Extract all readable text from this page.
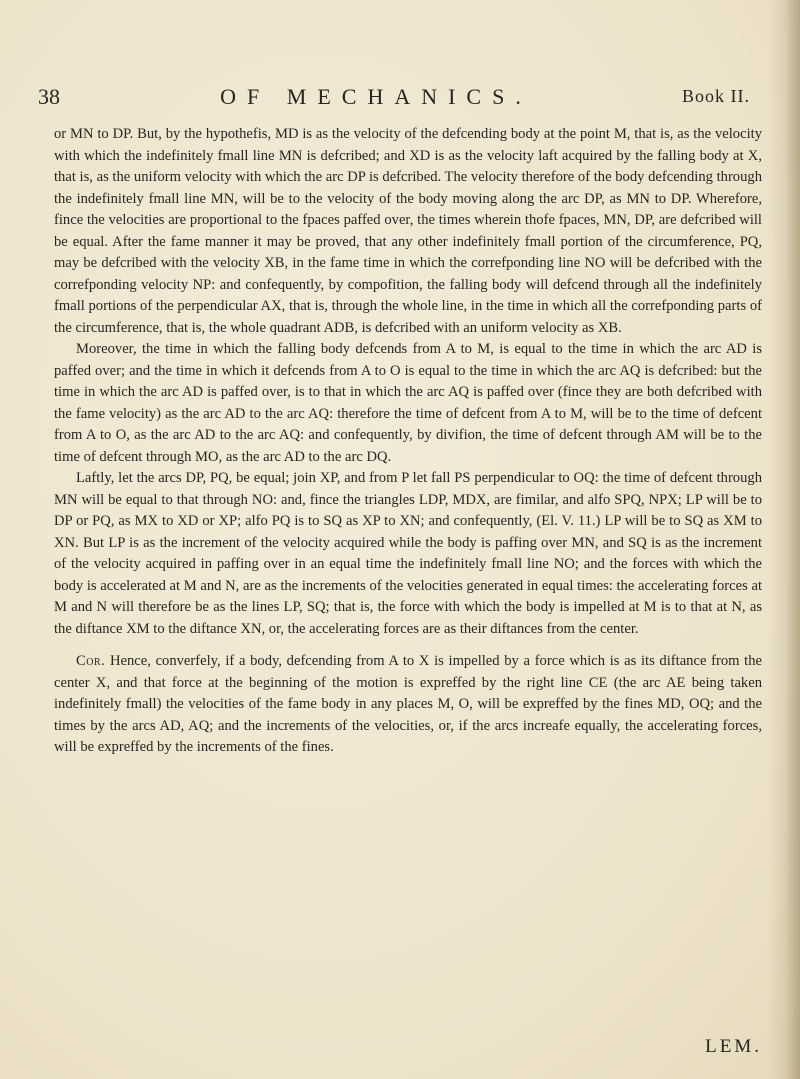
38	OF MECHANICS.	Book II.

or MN to DP. But, by the hypothefis, MD is as the velocity of the defcending body at the point M, that is, as the velocity with which the indefinitely fmall line MN is defcribed; and XD is as the velocity laft acquired by the falling body at X, that is, as the uniform velocity with which the arc DP is defcribed. The velocity therefore of the body defcending through the indefinitely fmall line MN, will be to the velocity of the body moving along the arc DP, as MN to DP. Wherefore, fince the velocities are proportional to the fpaces paffed over, the times wherein thofe fpaces, MN, DP, are defcribed will be equal. After the fame manner it may be proved, that any other indefinitely fmall portion of the circumference, PQ, may be defcribed with the velocity XB, in the fame time in which the correfponding line NO will be defcribed with the correfponding velocity NP: and confequently, by compofition, the falling body will defcend through all the indefinitely fmall portions of the perpendicular AX, that is, through the whole line, in the time in which all the correfponding parts of the circumference, that is, the whole quadrant ADB, is defcribed with an uniform velocity as XB.

Moreover, the time in which the falling body defcends from A to M, is equal to the time in which the arc AD is paffed over; and the time in which it defcends from A to O is equal to the time in which the arc AQ is defcribed: but the time in which the arc AD is paffed over, is to that in which the arc AQ is paffed over (fince they are both defcribed with the fame velocity) as the arc AD to the arc AQ: therefore the time of defcent from A to M, will be to the time of defcent from A to O, as the arc AD to the arc AQ: and confequently, by divifion, the time of defcent through AM will be to the time of defcent through MO, as the arc AD to the arc DQ.

Laftly, let the arcs DP, PQ, be equal; join XP, and from P let fall PS perpendicular to OQ: the time of defcent through MN will be equal to that through NO: and, fince the triangles LDP, MDX, are fimilar, and alfo SPQ, NPX; LP will be to DP or PQ, as MX to XD or XP; alfo PQ is to SQ as XP to XN; and confequently, (El. V. 11.) LP will be to SQ as XM to XN. But LP is as the increment of the velocity acquired while the body is paffing over MN, and SQ is as the increment of the velocity acquired in paffing over in an equal time the indefinitely fmall line NO; and the forces with which the body is accelerated at M and N, are as the increments of the velocities generated in equal times: the accelerating forces at M and N will therefore be as the lines LP, SQ; that is, the force with which the body is impelled at M is to that at N, as the diftance XM to the diftance XN, or, the accelerating forces are as their diftances from the center.

Cor. Hence, converfely, if a body, defcending from A to X is impelled by a force which is as its diftance from the center X, and that force at the beginning of the motion is expreffed by the right line CE (the arc AE being taken indefinitely fmall) the velocities of the fame body in any places M, O, will be expreffed by the fines MD, OQ; and the times by the arcs AD, AQ; and the increments of the velocities, or, if the arcs increafe equally, the accelerating forces, will be expreffed by the increments of the fines.

LEM.
